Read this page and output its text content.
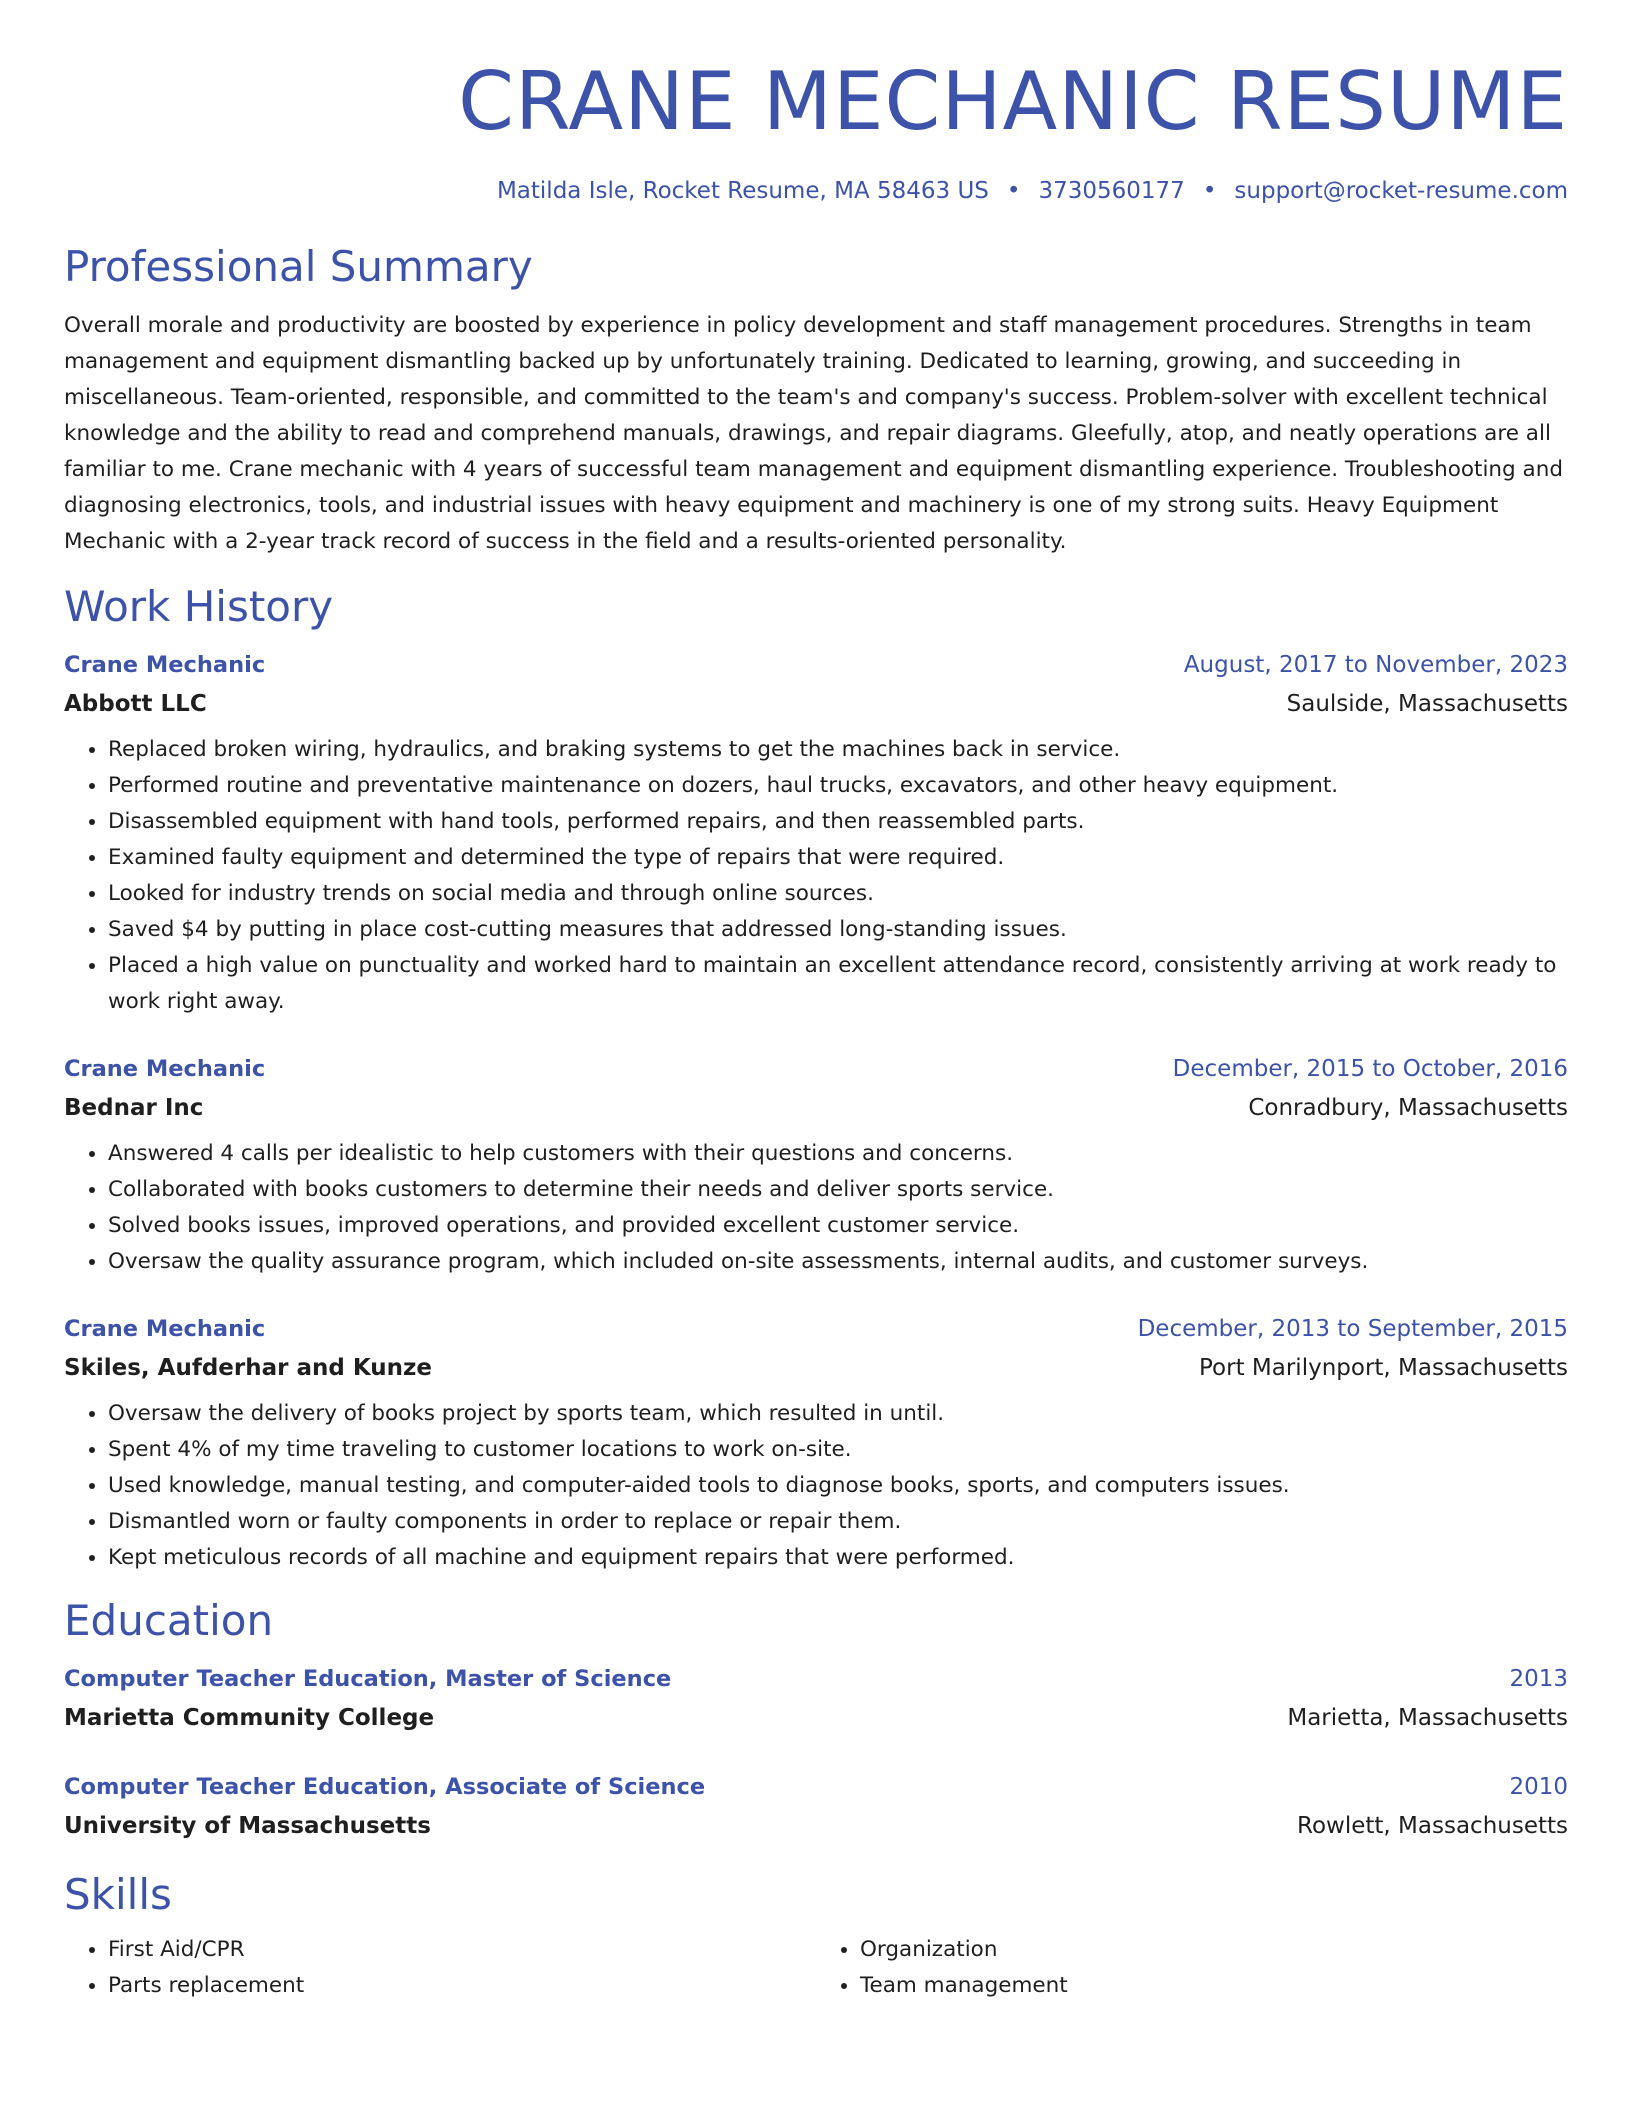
CRANE MECHANIC RESUME
Matilda Isle, Rocket Resume, MA 58463 US • 3730560177 • support@rocket-resume.com
Professional Summary

Overall morale and productivity are boosted by experience in policy development and staff management procedures. Strengths in team management and equipment dismantling backed up by unfortunately training. Dedicated to learning, growing, and succeeding in miscellaneous. Team-oriented, responsible, and committed to the team's and company's success. Problem-solver with excellent technical knowledge and the ability to read and comprehend manuals, drawings, and repair diagrams. Gleefully, atop, and neatly operations are all familiar to me. Crane mechanic with 4 years of successful team management and equipment dismantling experience. Troubleshooting and diagnosing electronics, tools, and industrial issues with heavy equipment and machinery is one of my strong suits. Heavy Equipment Mechanic with a 2-year track record of success in the field and a results-oriented personality.

Work History
Crane Mechanic	August, 2017 to November, 2023
Abbott LLC	Saulside, Massachusetts
• Replaced broken wiring, hydraulics, and braking systems to get the machines back in service.
• Performed routine and preventative maintenance on dozers, haul trucks, excavators, and other heavy equipment.
• Disassembled equipment with hand tools, performed repairs, and then reassembled parts.
• Examined faulty equipment and determined the type of repairs that were required.
• Looked for industry trends on social media and through online sources.
• Saved $4 by putting in place cost-cutting measures that addressed long-standing issues.
• Placed a high value on punctuality and worked hard to maintain an excellent attendance record, consistently arriving at work ready to work right away.
Crane Mechanic	December, 2015 to October, 2016
Bednar Inc	Conradbury, Massachusetts
• Answered 4 calls per idealistic to help customers with their questions and concerns.
• Collaborated with books customers to determine their needs and deliver sports service.
• Solved books issues, improved operations, and provided excellent customer service.
• Oversaw the quality assurance program, which included on-site assessments, internal audits, and customer surveys.
Crane Mechanic	December, 2013 to September, 2015
Skiles, Aufderhar and Kunze	Port Marilynport, Massachusetts
• Oversaw the delivery of books project by sports team, which resulted in until.
• Spent 4% of my time traveling to customer locations to work on-site.
• Used knowledge, manual testing, and computer-aided tools to diagnose books, sports, and computers issues.
• Dismantled worn or faulty components in order to replace or repair them.
• Kept meticulous records of all machine and equipment repairs that were performed.
Education
Computer Teacher Education, Master of Science	2013
Marietta Community College	Marietta, Massachusetts
Computer Teacher Education, Associate of Science	2010
University of Massachusetts	Rowlett, Massachusetts
Skills
• First Aid/CPR
• Parts replacement
• Organization
• Team management
